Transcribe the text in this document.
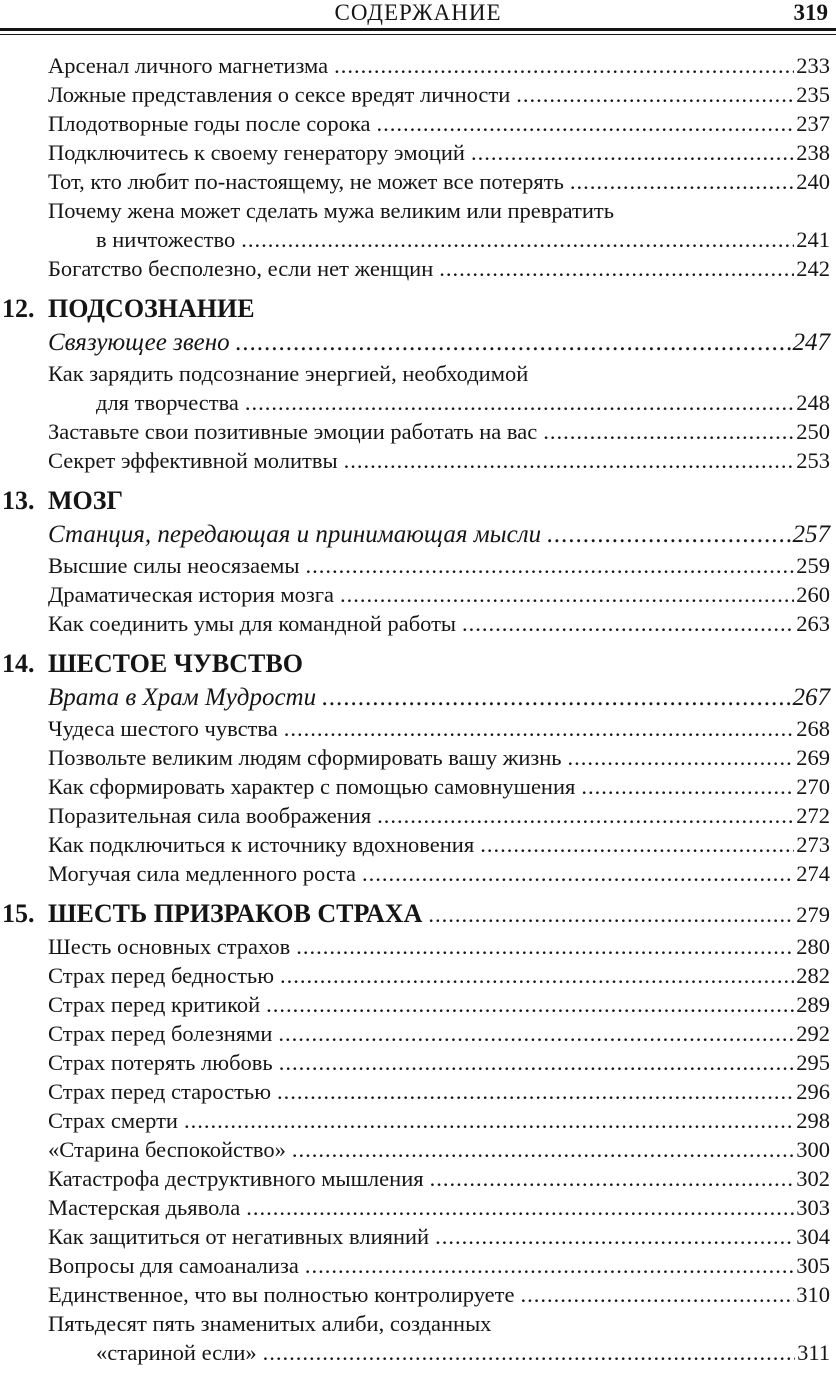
СОДЕРЖАНИЕ	319
Арсенал личного магнетизма .....	233
Ложные представления о сексе вредят личности .....	235
Плодотворные годы после сорока .....	237
Подключитесь к своему генератору эмоций .....	238
Тот, кто любит по-настоящему, не может все потерять .....	240
Почему жена может сделать мужа великим или превратить
в ничтожество .....	241
Богатство бесполезно, если нет женщин .....	242
12. ПОДСОЗНАНИЕ
Связующее звено .....	247
Как зарядить подсознание энергией, необходимой
для творчества .....	248
Заставьте свои позитивные эмоции работать на вас .....	250
Секрет эффективной молитвы .....	253
13. МОЗГ
Станция, передающая и принимающая мысли .....	257
Высшие силы неосязаемы .....	259
Драматическая история мозга .....	260
Как соединить умы для командной работы .....	263
14. ШЕСТОЕ ЧУВСТВО
Врата в Храм Мудрости .....	267
Чудеса шестого чувства .....	268
Позвольте великим людям сформировать вашу жизнь .....	269
Как сформировать характер с помощью самовнушения .....	270
Поразительная сила воображения .....	272
Как подключиться к источнику вдохновения .....	273
Могучая сила медленного роста .....	274
15. ШЕСТЬ ПРИЗРАКОВ СТРАХА .....	279
Шесть основных страхов .....	280
Страх перед бедностью .....	282
Страх перед критикой .....	289
Страх перед болезнями .....	292
Страх потерять любовь .....	295
Страх перед старостью .....	296
Страх смерти .....	298
«Старина беспокойство» .....	300
Катастрофа деструктивного мышления .....	302
Мастерская дьявола .....	303
Как защититься от негативных влияний .....	304
Вопросы для самоанализа .....	305
Единственное, что вы полностью контролируете .....	310
Пятьдесят пять знаменитых алиби, созданных
«стариной если» .....	311
